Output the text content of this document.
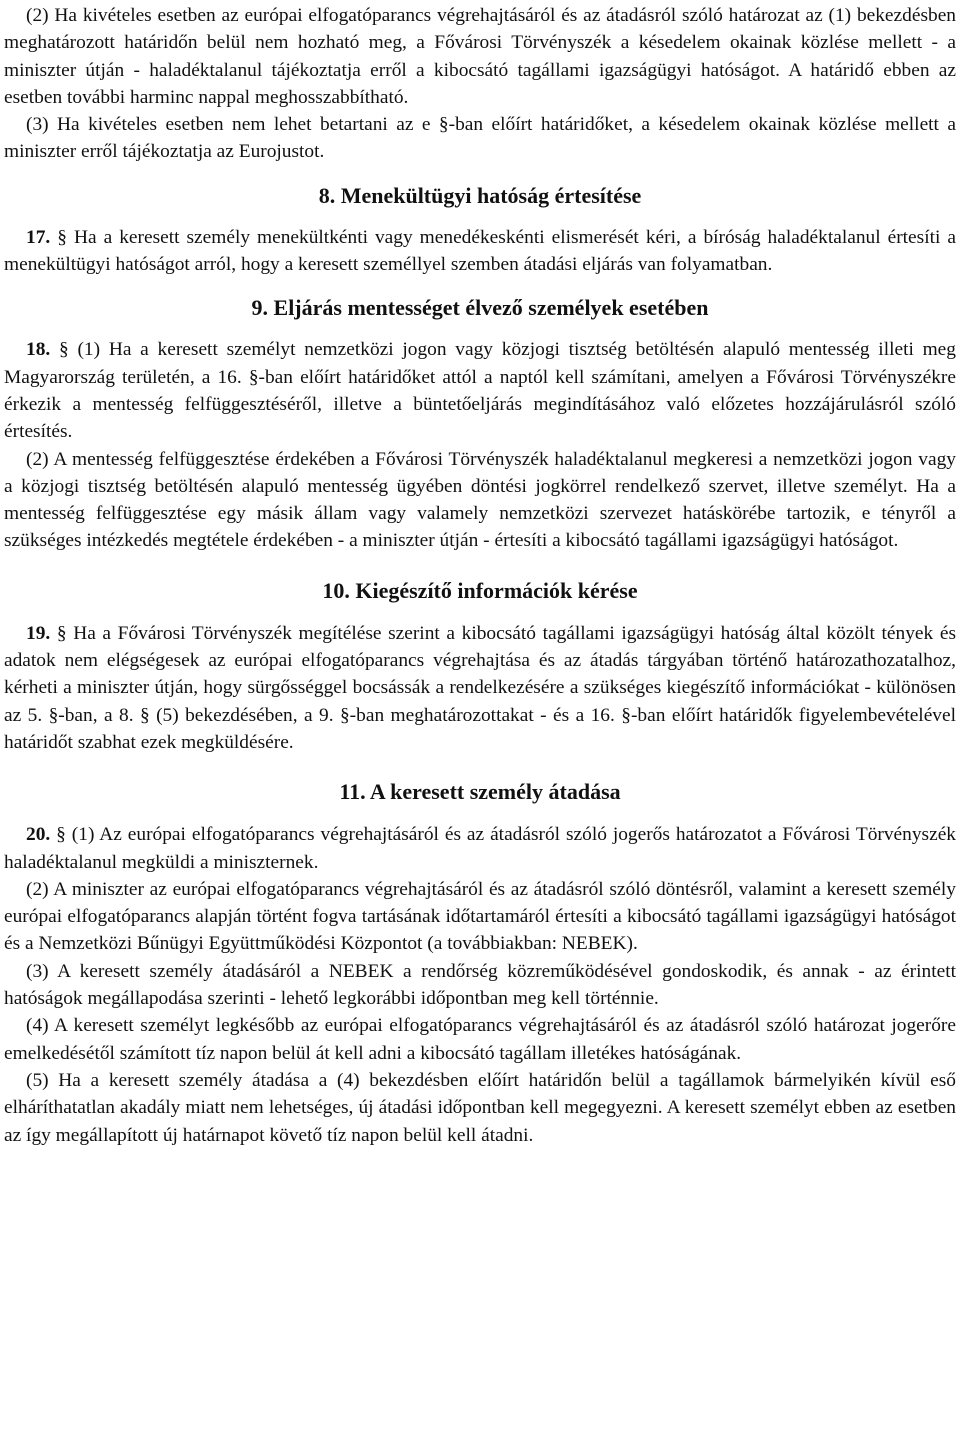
(2) Ha kivételes esetben az európai elfogatóparancs végrehajtásáról és az átadásról szóló határozat az (1) bekezdésben meghatározott határidőn belül nem hozható meg, a Fővárosi Törvényszék a késedelem okainak közlése mellett - a miniszter útján - haladéktalanul tájékoztatja erről a kibocsátó tagállami igazságügyi hatóságot. A határidő ebben az esetben további harminc nappal meghosszabbítható.

(3) Ha kivételes esetben nem lehet betartani az e §-ban előírt határidőket, a késedelem okainak közlése mellett a miniszter erről tájékoztatja az Eurojustot.

8. Menekültügyi hatóság értesítése

17. § Ha a keresett személy menekültkénti vagy menedékeskénti elismerését kéri, a bíróság haladéktalanul értesíti a menekültügyi hatóságot arról, hogy a keresett személlyel szemben átadási eljárás van folyamatban.

9. Eljárás mentességet élvező személyek esetében

18. § (1) Ha a keresett személyt nemzetközi jogon vagy közjogi tisztség betöltésén alapuló mentesség illeti meg Magyarország területén, a 16. §-ban előírt határidőket attól a naptól kell számítani, amelyen a Fővárosi Törvényszékre érkezik a mentesség felfüggesztéséről, illetve a büntetőeljárás megindításához való előzetes hozzájárulásról szóló értesítés.

(2) A mentesség felfüggesztése érdekében a Fővárosi Törvényszék haladéktalanul megkeresi a nemzetközi jogon vagy a közjogi tisztség betöltésén alapuló mentesség ügyében döntési jogkörrel rendelkező szervet, illetve személyt. Ha a mentesség felfüggesztése egy másik állam vagy valamely nemzetközi szervezet hatáskörébe tartozik, e tényről a szükséges intézkedés megtétele érdekében - a miniszter útján - értesíti a kibocsátó tagállami igazságügyi hatóságot.

10. Kiegészítő információk kérése

19. § Ha a Fővárosi Törvényszék megítélése szerint a kibocsátó tagállami igazságügyi hatóság által közölt tények és adatok nem elégségesek az európai elfogatóparancs végrehajtása és az átadás tárgyában történő határozathozatalhoz, kérheti a miniszter útján, hogy sürgősséggel bocsássák a rendelkezésére a szükséges kiegészítő információkat - különösen az 5. §-ban, a 8. § (5) bekezdésében, a 9. §-ban meghatározottakat - és a 16. §-ban előírt határidők figyelembevételével határidőt szabhat ezek megküldésére.

11. A keresett személy átadása

20. § (1) Az európai elfogatóparancs végrehajtásáról és az átadásról szóló jogerős határozatot a Fővárosi Törvényszék haladéktalanul megküldi a miniszternek.

(2) A miniszter az európai elfogatóparancs végrehajtásáról és az átadásról szóló döntésről, valamint a keresett személy európai elfogatóparancs alapján történt fogva tartásának időtartamáról értesíti a kibocsátó tagállami igazságügyi hatóságot és a Nemzetközi Bűnügyi Együttműködési Központot (a továbbiakban: NEBEK).

(3) A keresett személy átadásáról a NEBEK a rendőrség közreműködésével gondoskodik, és annak - az érintett hatóságok megállapodása szerinti - lehető legkorábbi időpontban meg kell történnie.

(4) A keresett személyt legkésőbb az európai elfogatóparancs végrehajtásáról és az átadásról szóló határozat jogerőre emelkedésétől számított tíz napon belül át kell adni a kibocsátó tagállam illetékes hatóságának.

(5) Ha a keresett személy átadása a (4) bekezdésben előírt határidőn belül a tagállamok bármelyikén kívül eső elháríthatatlan akadály miatt nem lehetséges, új átadási időpontban kell megegyezni. A keresett személyt ebben az esetben az így megállapított új határnapot követő tíz napon belül kell átadni.
